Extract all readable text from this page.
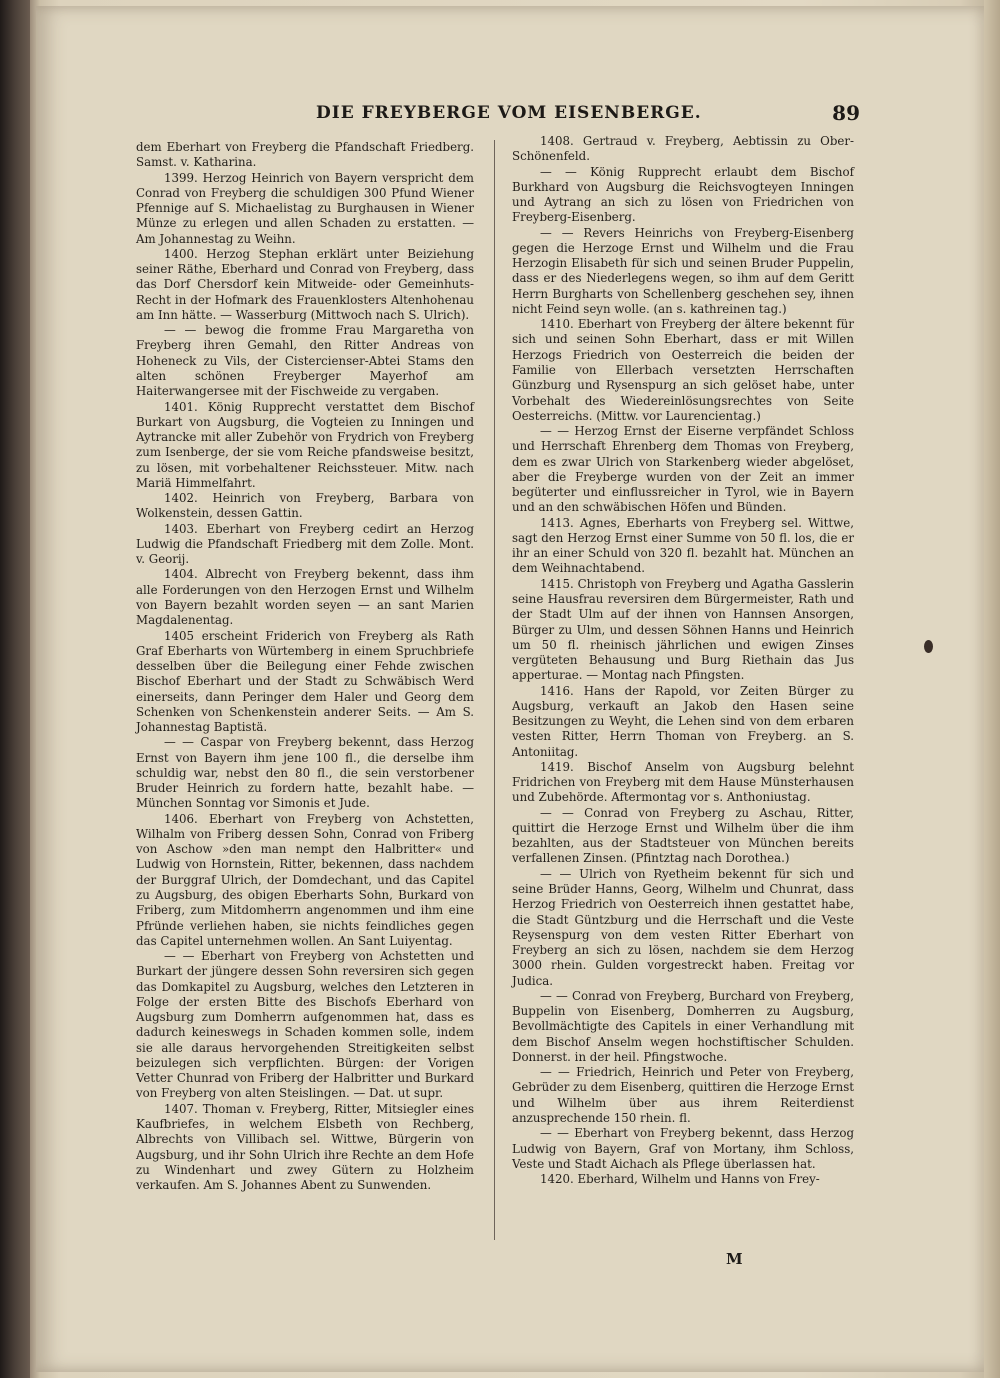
DIE FREYBERGE VOM EISENBERGE.	89

dem Eberhart von Freyberg die Pfandschaft Friedberg. Samst. v. Katharina.

1399. Herzog Heinrich von Bayern verspricht dem Conrad von Freyberg die schuldigen 300 Pfund Wiener Pfennige auf S. Michaelistag zu Burghausen in Wiener Münze zu erlegen und allen Schaden zu erstatten. — Am Johannestag zu Weihn.

1400. Herzog Stephan erklärt unter Beiziehung seiner Räthe, Eberhard und Conrad von Freyberg, dass das Dorf Chersdorf kein Mitweide- oder Gemeinhuts-Recht in der Hofmark des Frauenklosters Altenhohenau am Inn hätte. — Wasserburg (Mittwoch nach S. Ulrich).

— — bewog die fromme Frau Margaretha von Freyberg ihren Gemahl, den Ritter Andreas von Hoheneck zu Vils, der Cistercienser-Abtei Stams den alten schönen Freyberger Mayerhof am Haiterwangersee mit der Fischweide zu vergaben.

1401. König Rupprecht verstattet dem Bischof Burkart von Augsburg, die Vogteien zu Inningen und Aytrancke mit aller Zubehör von Frydrich von Freyberg zum Isenberge, der sie vom Reiche pfandsweise besitzt, zu lösen, mit vorbehaltener Reichssteuer. Mitw. nach Mariä Himmelfahrt.

1402. Heinrich von Freyberg, Barbara von Wolkenstein, dessen Gattin.

1403. Eberhart von Freyberg cedirt an Herzog Ludwig die Pfandschaft Friedberg mit dem Zolle. Mont. v. Georij.

1404. Albrecht von Freyberg bekennt, dass ihm alle Forderungen von den Herzogen Ernst und Wilhelm von Bayern bezahlt worden seyen — an sant Marien Magdalenentag.

1405 erscheint Friderich von Freyberg als Rath Graf Eberharts von Würtemberg in einem Spruchbriefe desselben über die Beilegung einer Fehde zwischen Bischof Eberhart und der Stadt zu Schwäbisch Werd einerseits, dann Peringer dem Haler und Georg dem Schenken von Schenkenstein anderer Seits. — Am S. Johannestag Baptistä.

— — Caspar von Freyberg bekennt, dass Herzog Ernst von Bayern ihm jene 100 fl., die derselbe ihm schuldig war, nebst den 80 fl., die sein verstorbener Bruder Heinrich zu fordern hatte, bezahlt habe. — München Sonntag vor Simonis et Jude.

1406. Eberhart von Freyberg von Achstetten, Wilhalm von Friberg dessen Sohn, Conrad von Friberg von Aschow »den man nempt den Halbritter« und Ludwig von Hornstein, Ritter, bekennen, dass nachdem der Burggraf Ulrich, der Domdechant, und das Capitel zu Augsburg, des obigen Eberharts Sohn, Burkard von Friberg, zum Mitdomherrn angenommen und ihm eine Pfründe verliehen haben, sie nichts feindliches gegen das Capitel unternehmen wollen. An Sant Luiyentag.

— — Eberhart von Freyberg von Achstetten und Burkart der jüngere dessen Sohn reversiren sich gegen das Domkapitel zu Augsburg, welches den Letzteren in Folge der ersten Bitte des Bischofs Eberhard von Augsburg zum Domherrn aufgenommen hat, dass es dadurch keineswegs in Schaden kommen solle, indem sie alle daraus hervorgehenden Streitigkeiten selbst beizulegen sich verpflichten. Bürgen: der Vorigen Vetter Chunrad von Friberg der Halbritter und Burkard von Freyberg von alten Steislingen. — Dat. ut supr.

1407. Thoman v. Freyberg, Ritter, Mitsiegler eines Kaufbriefes, in welchem Elsbeth von Rechberg, Albrechts von Villibach sel. Wittwe, Bürgerin von Augsburg, und ihr Sohn Ulrich ihre Rechte an dem Hofe zu Windenhart und zwey Gütern zu Holzheim verkaufen. Am S. Johannes Abent zu Sunwenden.

1408. Gertraud v. Freyberg, Aebtissin zu Ober-Schönenfeld.

— — König Rupprecht erlaubt dem Bischof Burkhard von Augsburg die Reichsvogteyen Inningen und Aytrang an sich zu lösen von Friedrichen von Freyberg-Eisenberg.

— — Revers Heinrichs von Freyberg-Eisenberg gegen die Herzoge Ernst und Wilhelm und die Frau Herzogin Elisabeth für sich und seinen Bruder Puppelin, dass er des Niederlegens wegen, so ihm auf dem Geritt Herrn Burgharts von Schellenberg geschehen sey, ihnen nicht Feind seyn wolle. (an s. kathreinen tag.)

1410. Eberhart von Freyberg der ältere bekennt für sich und seinen Sohn Eberhart, dass er mit Willen Herzogs Friedrich von Oesterreich die beiden der Familie von Ellerbach versetzten Herrschaften Günzburg und Rysenspurg an sich gelöset habe, unter Vorbehalt des Wiedereinlösungsrechtes von Seite Oesterreichs. (Mittw. vor Laurencientag.)

— — Herzog Ernst der Eiserne verpfändet Schloss und Herrschaft Ehrenberg dem Thomas von Freyberg, dem es zwar Ulrich von Starkenberg wieder abgelöset, aber die Freyberge wurden von der Zeit an immer begüterter und einflussreicher in Tyrol, wie in Bayern und an den schwäbischen Höfen und Bünden.

1413. Agnes, Eberharts von Freyberg sel. Wittwe, sagt den Herzog Ernst einer Summe von 50 fl. los, die er ihr an einer Schuld von 320 fl. bezahlt hat. München an dem Weihnachtabend.

1415. Christoph von Freyberg und Agatha Gasslerin seine Hausfrau reversiren dem Bürgermeister, Rath und der Stadt Ulm auf der ihnen von Hannsen Ansorgen, Bürger zu Ulm, und dessen Söhnen Hanns und Heinrich um 50 fl. rheinisch jährlichen und ewigen Zinses vergüteten Behausung und Burg Riethain das Jus apperturae. — Montag nach Pfingsten.

1416. Hans der Rapold, vor Zeiten Bürger zu Augsburg, verkauft an Jakob den Hasen seine Besitzungen zu Weyht, die Lehen sind von dem erbaren vesten Ritter, Herrn Thoman von Freyberg. an S. Antoniitag.

1419. Bischof Anselm von Augsburg belehnt Fridrichen von Freyberg mit dem Hause Münsterhausen und Zubehörde. Aftermontag vor s. Anthoniustag.

— — Conrad von Freyberg zu Aschau, Ritter, quittirt die Herzoge Ernst und Wilhelm über die ihm bezahlten, aus der Stadtsteuer von München bereits verfallenen Zinsen. (Pfintztag nach Dorothea.)

— — Ulrich von Ryetheim bekennt für sich und seine Brüder Hanns, Georg, Wilhelm und Chunrat, dass Herzog Friedrich von Oesterreich ihnen gestattet habe, die Stadt Güntzburg und die Herrschaft und die Veste Reysenspurg von dem vesten Ritter Eberhart von Freyberg an sich zu lösen, nachdem sie dem Herzog 3000 rhein. Gulden vorgestreckt haben. Freitag vor Judica.

— — Conrad von Freyberg, Burchard von Freyberg, Buppelin von Eisenberg, Domherren zu Augsburg, Bevollmächtigte des Capitels in einer Verhandlung mit dem Bischof Anselm wegen hochstiftischer Schulden. Donnerst. in der heil. Pfingstwoche.

— — Friedrich, Heinrich und Peter von Freyberg, Gebrüder zu dem Eisenberg, quittiren die Herzoge Ernst und Wilhelm über aus ihrem Reiterdienst anzusprechende 150 rhein. fl.

— — Eberhart von Freyberg bekennt, dass Herzog Ludwig von Bayern, Graf von Mortany, ihm Schloss, Veste und Stadt Aichach als Pflege überlassen hat.

1420. Eberhard, Wilhelm und Hanns von Frey-

M
